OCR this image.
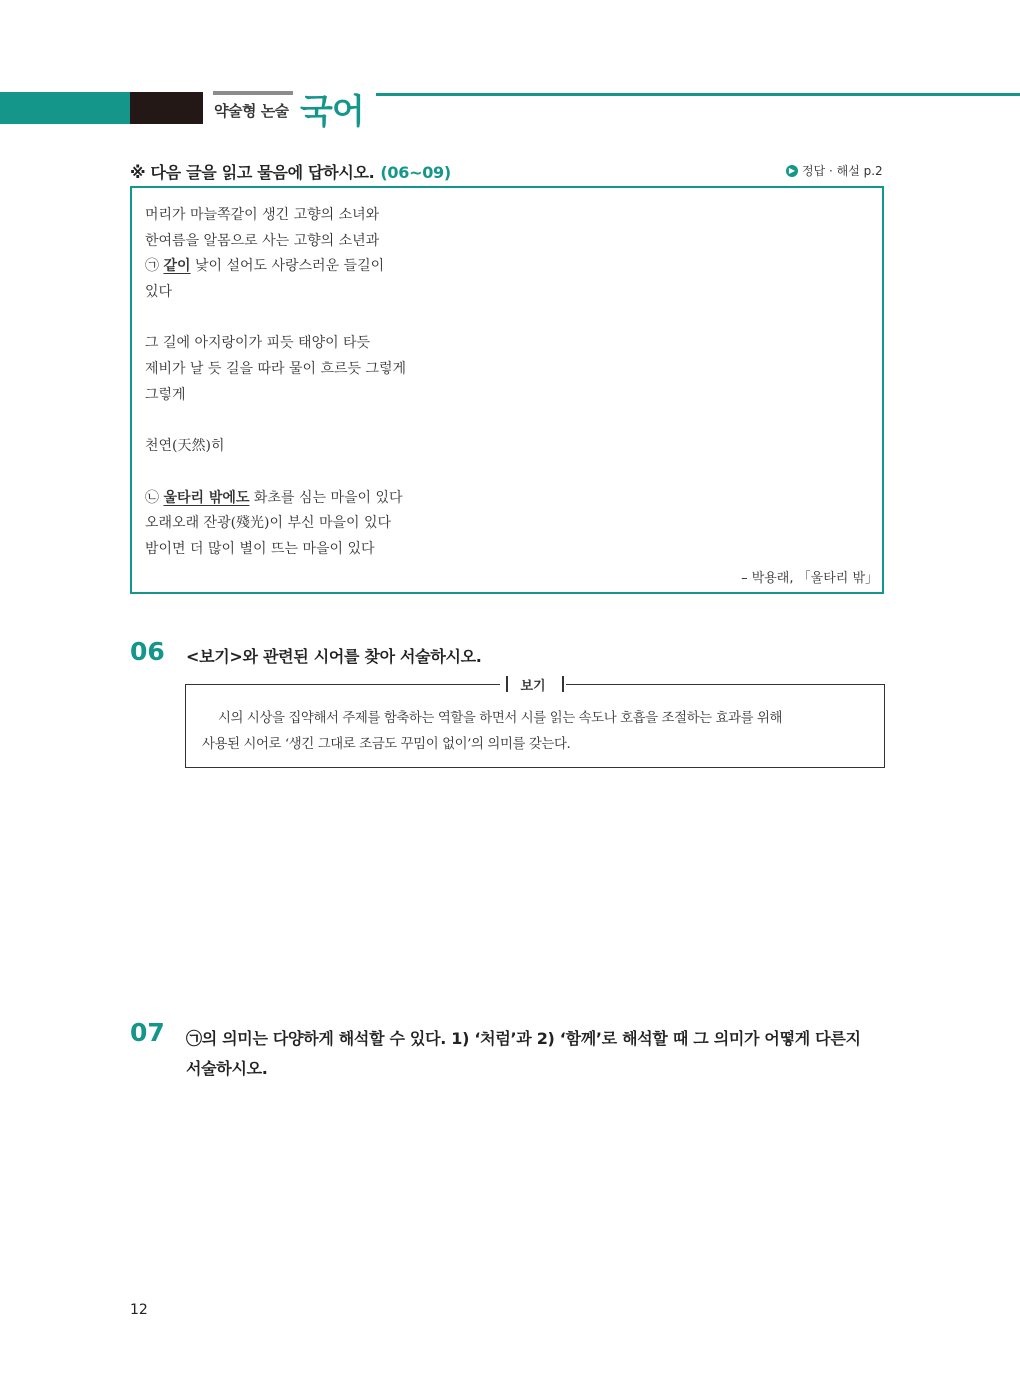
약술형 논술 국어
※ 다음 글을 읽고 물음에 답하시오. (06~09)	▶ 정답 · 해설 p.2
머리가 마늘쪽같이 생긴 고향의 소녀와
한여름을 알몸으로 사는 고향의 소년과
㉠ 같이 낯이 설어도 사랑스러운 들길이
있다
그 길에 아지랑이가 피듯 태양이 타듯
제비가 날 듯 길을 따라 물이 흐르듯 그렇게
그렇게
천연(天然)히
㉡ 울타리 밖에도 화초를 심는 마을이 있다
오래오래 잔광(殘光)이 부신 마을이 있다
밤이면 더 많이 별이 뜨는 마을이 있다
– 박용래, 「울타리 밖」
06 <보기>와 관련된 시어를 찾아 서술하시오.
보기
시의 시상을 집약해서 주제를 함축하는 역할을 하면서 시를 읽는 속도나 호흡을 조절하는 효과를 위해
사용된 시어로 ‘생긴 그대로 조금도 꾸밈이 없이’의 의미를 갖는다.
07 ㉠의 의미는 다양하게 해석할 수 있다. 1) ‘처럼’과 2) ‘함께’로 해석할 때 그 의미가 어떻게 다른지
서술하시오.
12
